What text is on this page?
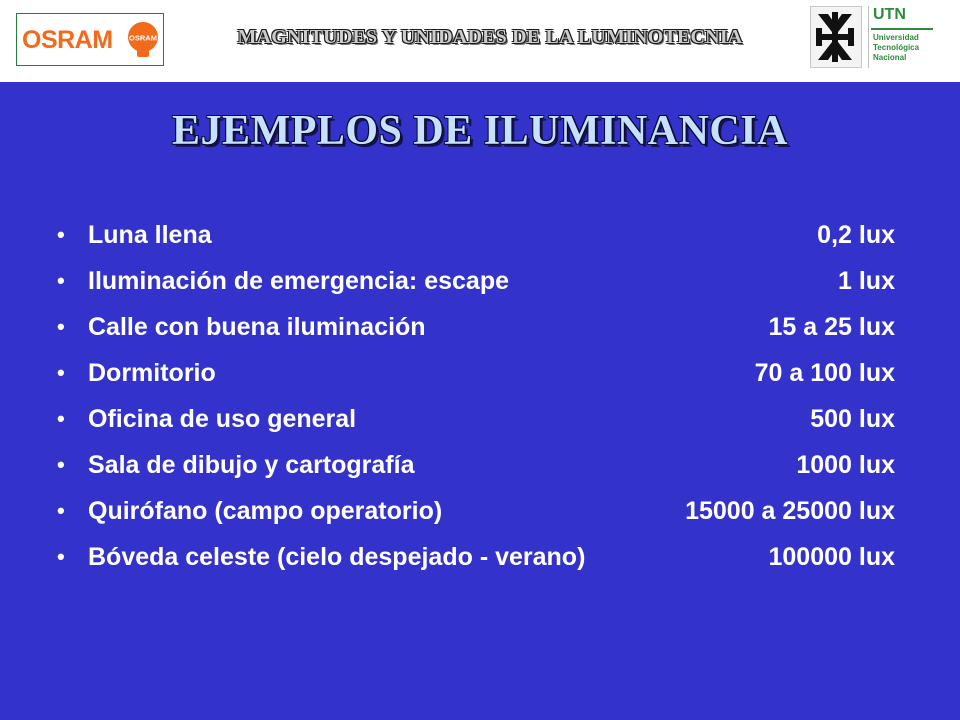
OSRAM OSRAM	MAGNITUDES Y UNIDADES DE LA LUMINOTECNIA
UTN
Universidad
Tecnológica
Nacional
EJEMPLOS DE ILUMINANCIA
• Luna llena	0,2 lux
• Iluminación de emergencia: escape	1 lux
• Calle con buena iluminación	15 a 25 lux
• Dormitorio	70 a 100 lux
• Oficina de uso general	500 lux
• Sala de dibujo y cartografía	1000 lux
• Quirófano (campo operatorio)	15000 a 25000 lux
• Bóveda celeste (cielo despejado - verano)	100000 lux
